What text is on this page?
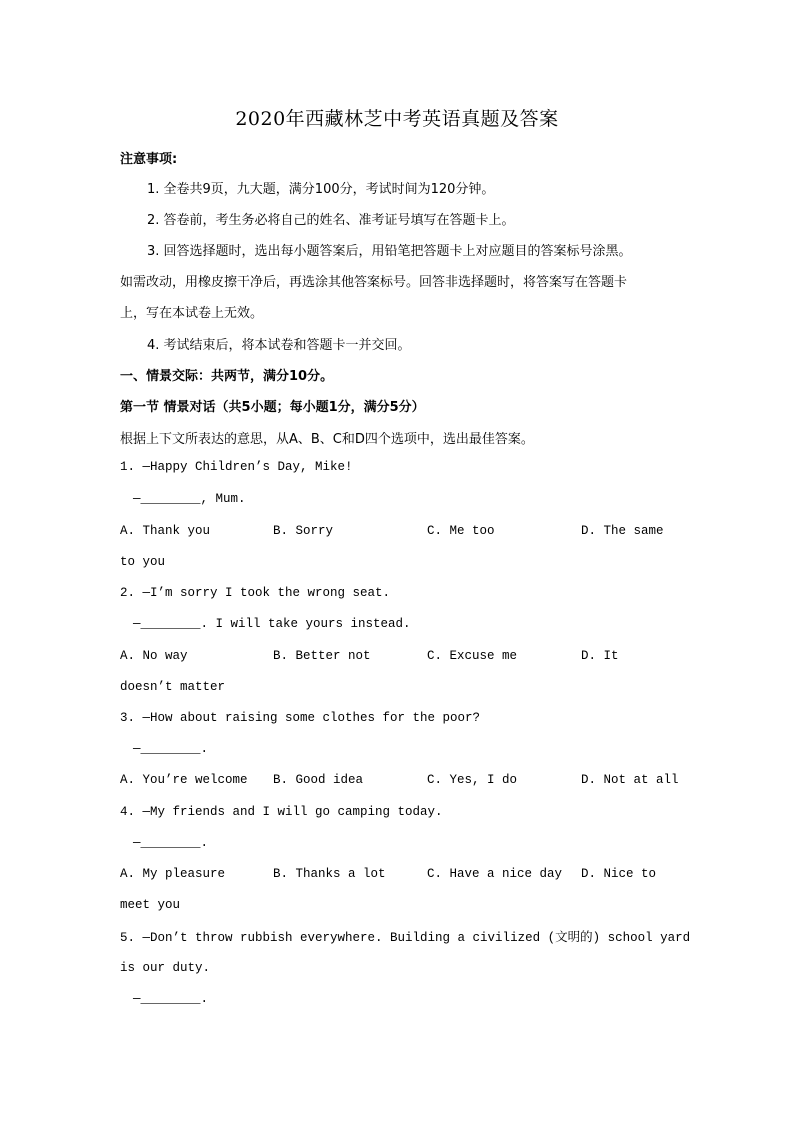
2020年西藏林芝中考英语真题及答案
注意事项:
1. 全卷共9页，九大题，满分100分，考试时间为120分钟。
2. 答卷前，考生务必将自己的姓名、准考证号填写在答题卡上。
3. 回答选择题时，选出每小题答案后，用铅笔把答题卡上对应题目的答案标号涂黑。
如需改动，用橡皮擦干净后，再选涂其他答案标号。回答非选择题时，将答案写在答题卡
上，写在本试卷上无效。
4. 考试结束后，将本试卷和答题卡一并交回。
一、情景交际：共两节，满分10分。
第一节 情景对话（共5小题；每小题1分，满分5分）
根据上下文所表达的意思，从A、B、C和D四个选项中，选出最佳答案。
1. —Happy Children’s Day, Mike!
—________, Mum.
A. Thank you	B. Sorry	C. Me too	D. The same
to you
2. —I’m sorry I took the wrong seat.
—________. I will take yours instead.
A. No way	B. Better not	C. Excuse me	D. It
doesn’t matter
3. —How about raising some clothes for the poor?
—________.
A. You’re welcome B. Good idea	C. Yes, I do	D. Not at all
4. —My friends and I will go camping today.
—________.
A. My pleasure	B. Thanks a lot	C. Have a nice day D. Nice to
meet you
5. —Don’t throw rubbish everywhere. Building a civilized (文明的) school yard
is our duty.
—________.
